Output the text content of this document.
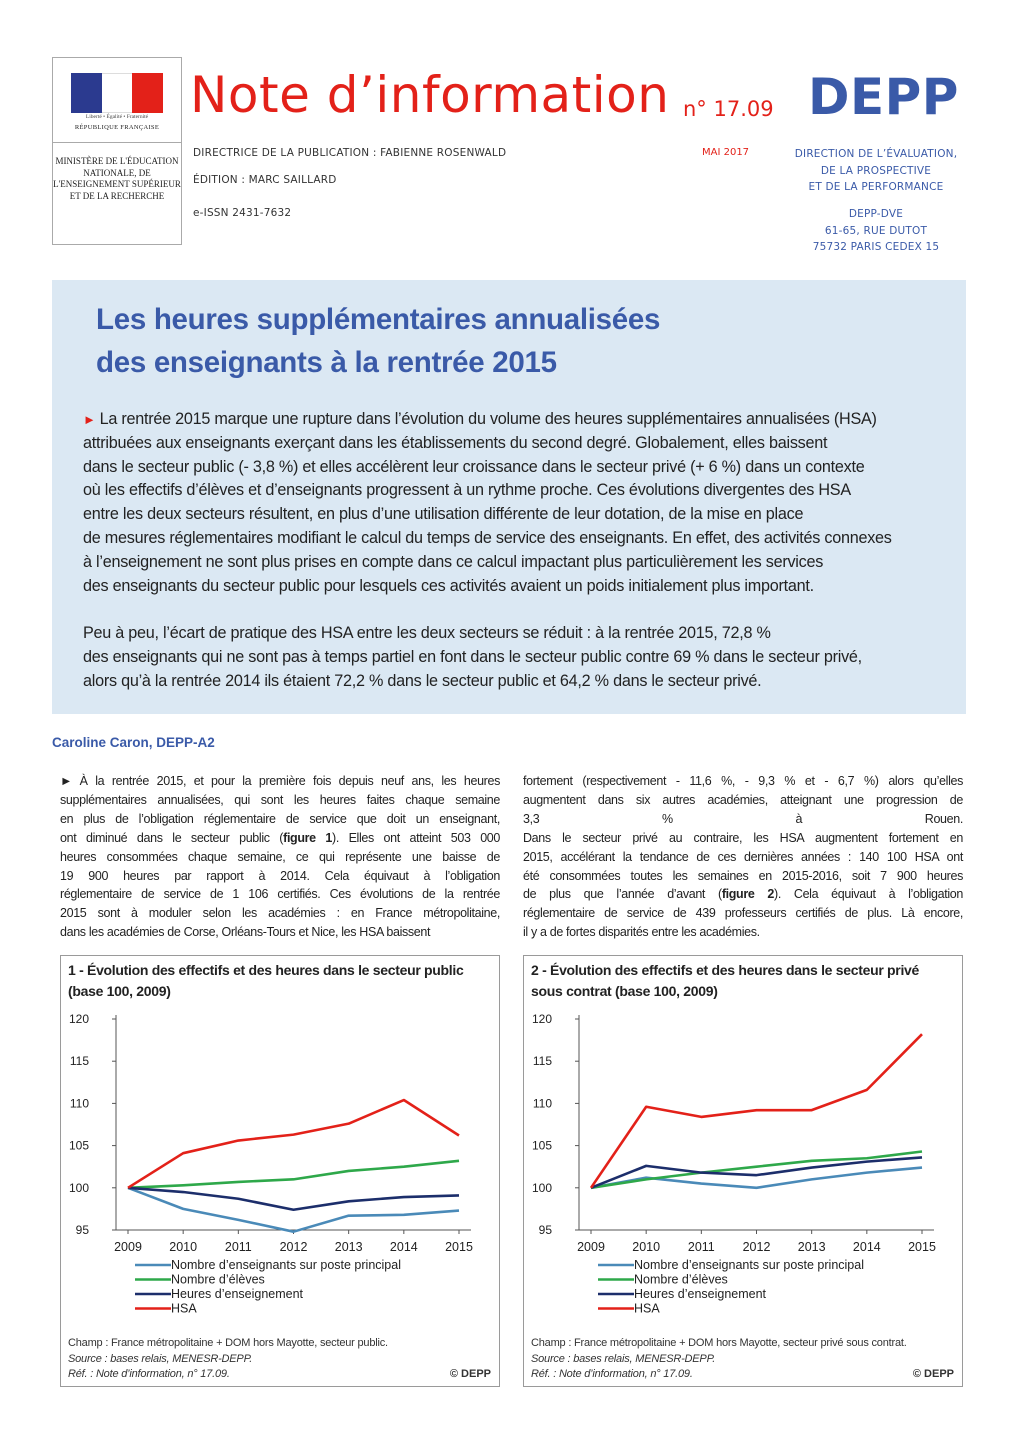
Liberté • Égalité • Fraternité
RÉPUBLIQUE FRANÇAISE
MINISTÈRE DE L'ÉDUCATION NATIONALE, DE L'ENSEIGNEMENT SUPÉRIEUR ET DE LA RECHERCHE
Note d’information n° 17.09 DEPP
DIRECTRICE DE LA PUBLICATION : FABIENNE ROSENWALD
ÉDITION : MARC SAILLARD
e-ISSN 2431-7632
MAI 2017	DIRECTION DE L’ÉVALUATION,
DE LA PROSPECTIVE
ET DE LA PERFORMANCE
DEPP-DVE
61-65, RUE DUTOT
75732 PARIS CEDEX 15
Les heures supplémentaires annualisées
des enseignants à la rentrée 2015

► La rentrée 2015 marque une rupture dans l’évolution du volume des heures supplémentaires annualisées (HSA)
attribuées aux enseignants exerçant dans les établissements du second degré. Globalement, elles baissent
dans le secteur public (- 3,8 %) et elles accélèrent leur croissance dans le secteur privé (+ 6 %) dans un contexte
où les effectifs d’élèves et d’enseignants progressent à un rythme proche. Ces évolutions divergentes des HSA
entre les deux secteurs résultent, en plus d’une utilisation différente de leur dotation, de la mise en place
de mesures réglementaires modifiant le calcul du temps de service des enseignants. En effet, des activités connexes
à l’enseignement ne sont plus prises en compte dans ce calcul impactant plus particulièrement les services
des enseignants du secteur public pour lesquels ces activités avaient un poids initialement plus important.

Peu à peu, l’écart de pratique des HSA entre les deux secteurs se réduit : à la rentrée 2015, 72,8 %
des enseignants qui ne sont pas à temps partiel en font dans le secteur public contre 69 % dans le secteur privé,
alors qu’à la rentrée 2014 ils étaient 72,2 % dans le secteur public et 64,2 % dans le secteur privé.

Caroline Caron, DEPP-A2
► À la rentrée 2015, et pour la première fois depuis neuf ans, les heures
supplémentaires annualisées, qui sont les heures faites chaque semaine
en plus de l’obligation réglementaire de service que doit un enseignant,
ont diminué dans le secteur public (figure 1). Elles ont atteint 503 000
heures consommées chaque semaine, ce qui représente une baisse de
19 900 heures par rapport à 2014. Cela équivaut à l’obligation
réglementaire de service de 1 106 certifiés. Ces évolutions de la rentrée
2015 sont à moduler selon les académies : en France métropolitaine,
dans les académies de Corse, Orléans-Tours et Nice, les HSA baissent
fortement (respectivement - 11,6 %, - 9,3 % et - 6,7 %) alors qu’elles
augmentent dans six autres académies, atteignant une progression de
3,3 % à Rouen.
Dans le secteur privé au contraire, les HSA augmentent fortement en
2015, accélérant la tendance de ces dernières années : 140 100 HSA ont
été consommées toutes les semaines en 2015-2016, soit 7 900 heures
de plus que l’année d’avant (figure 2). Cela équivaut à l’obligation
réglementaire de service de 439 professeurs certifiés de plus. Là encore,
il y a de fortes disparités entre les académies.
1 - Évolution des effectifs et des heures dans le secteur public
(base 100, 2009)
95
100
105
110
115
120
2009 2010 2011 2012 2013 2014 2015
Nombre d’enseignants sur poste principal
Nombre d’élèves
Heures d’enseignement
HSA
Champ : France métropolitaine + DOM hors Mayotte, secteur public.
Source : bases relais, MENESR-DEPP.
Réf. : Note d’information, n° 17.09.	© DEPP
2 - Évolution des effectifs et des heures dans le secteur privé
sous contrat (base 100, 2009)
95
100
105
110
115
120
2009 2010 2011 2012 2013 2014 2015
Nombre d’enseignants sur poste principal
Nombre d’élèves
Heures d’enseignement
HSA
Champ : France métropolitaine + DOM hors Mayotte, secteur privé sous contrat.
Source : bases relais, MENESR-DEPP.
Réf. : Note d’information, n° 17.09.	© DEPP
